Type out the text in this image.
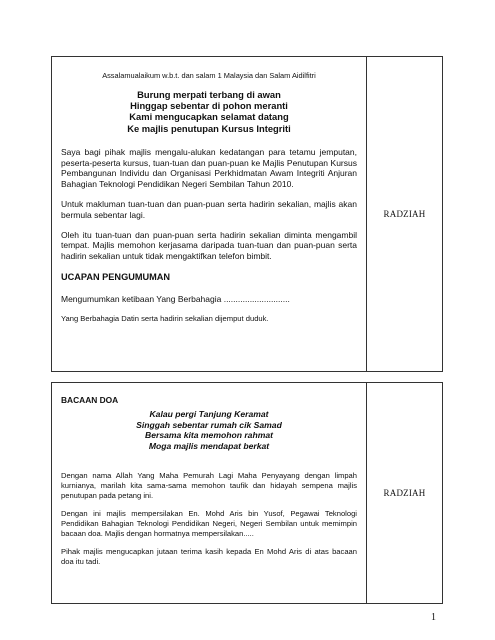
Assalamualaikum w.b.t. dan salam 1 Malaysia dan Salam Aidilfitri
Burung merpati terbang di awan
Hinggap sebentar di pohon meranti
Kami mengucapkan selamat datang
Ke majlis penutupan Kursus Integriti

Saya bagi pihak majlis mengalu-alukan kedatangan para tetamu jemputan, peserta-peserta kursus, tuan-tuan dan puan-puan ke Majlis Penutupan Kursus Pembangunan Individu dan Organisasi Perkhidmatan Awam Integriti Anjuran Bahagian Teknologi Pendidikan Negeri Sembilan Tahun 2010.

Untuk makluman tuan-tuan dan puan-puan serta hadirin sekalian, majlis akan bermula sebentar lagi.

Oleh itu tuan-tuan dan puan-puan serta hadirin sekalian diminta mengambil tempat. Majlis memohon kerjasama daripada tuan-tuan dan puan-puan serta hadirin sekalian untuk tidak mengaktifkan telefon bimbit.

UCAPAN PENGUMUMAN
Mengumumkan ketibaan Yang Berbahagia ............................
Yang Berbahagia Datin serta hadirin sekalian dijemput duduk.
RADZIAH
BACAAN DOA
Kalau pergi Tanjung Keramat
Singgah sebentar rumah cik Samad
Bersama kita memohon rahmat
Moga majlis mendapat berkat

Dengan nama Allah Yang Maha Pemurah Lagi Maha Penyayang dengan limpah kurnianya, marilah kita sama-sama memohon taufik dan hidayah sempena majlis penutupan pada petang ini.

Dengan ini majlis mempersilakan En. Mohd Aris bin Yusof, Pegawai Teknologi Pendidikan Bahagian Teknologi Pendidikan Negeri, Negeri Sembilan untuk memimpin bacaan doa. Majlis dengan hormatnya mempersilakan.....

Pihak majlis mengucapkan jutaan terima kasih kepada En Mohd Aris di atas bacaan doa itu tadi.

RADZIAH
1
